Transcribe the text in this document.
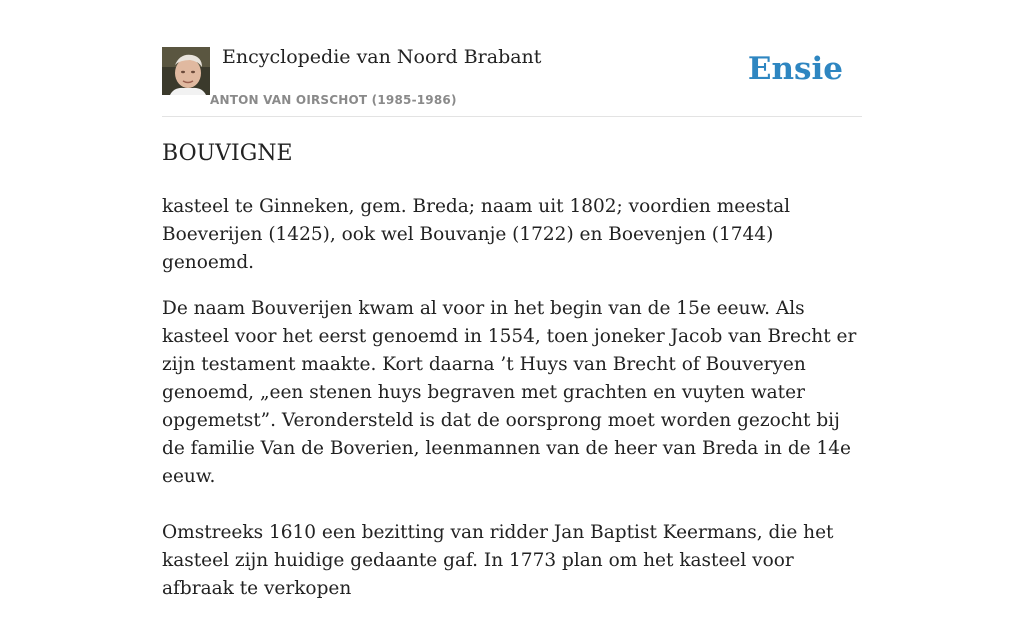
Encyclopedie van Noord Brabant
ANTON VAN OIRSCHOT (1985-1986)
Ensie
BOUVIGNE

kasteel te Ginneken, gem. Breda; naam uit 1802; voordien meestal Boeverijen (1425), ook wel Bouvanje (1722) en Boevenjen (1744) genoemd.

De naam Bouverijen kwam al voor in het begin van de 15e eeuw. Als kasteel voor het eerst genoemd in 1554, toen joneker Jacob van Brecht er zijn testament maakte. Kort daarna ’t Huys van Brecht of Bouveryen genoemd, „een stenen huys begraven met grachten en vuyten water opgemetst”. Verondersteld is dat de oorsprong moet worden gezocht bij de familie Van de Boverien, leenmannen van de heer van Breda in de 14e eeuw.

Omstreeks 1610 een bezitting van ridder Jan Baptist Keermans, die het kasteel zijn huidige gedaante gaf. In 1773 plan om het kasteel voor afbraak te verkopen
